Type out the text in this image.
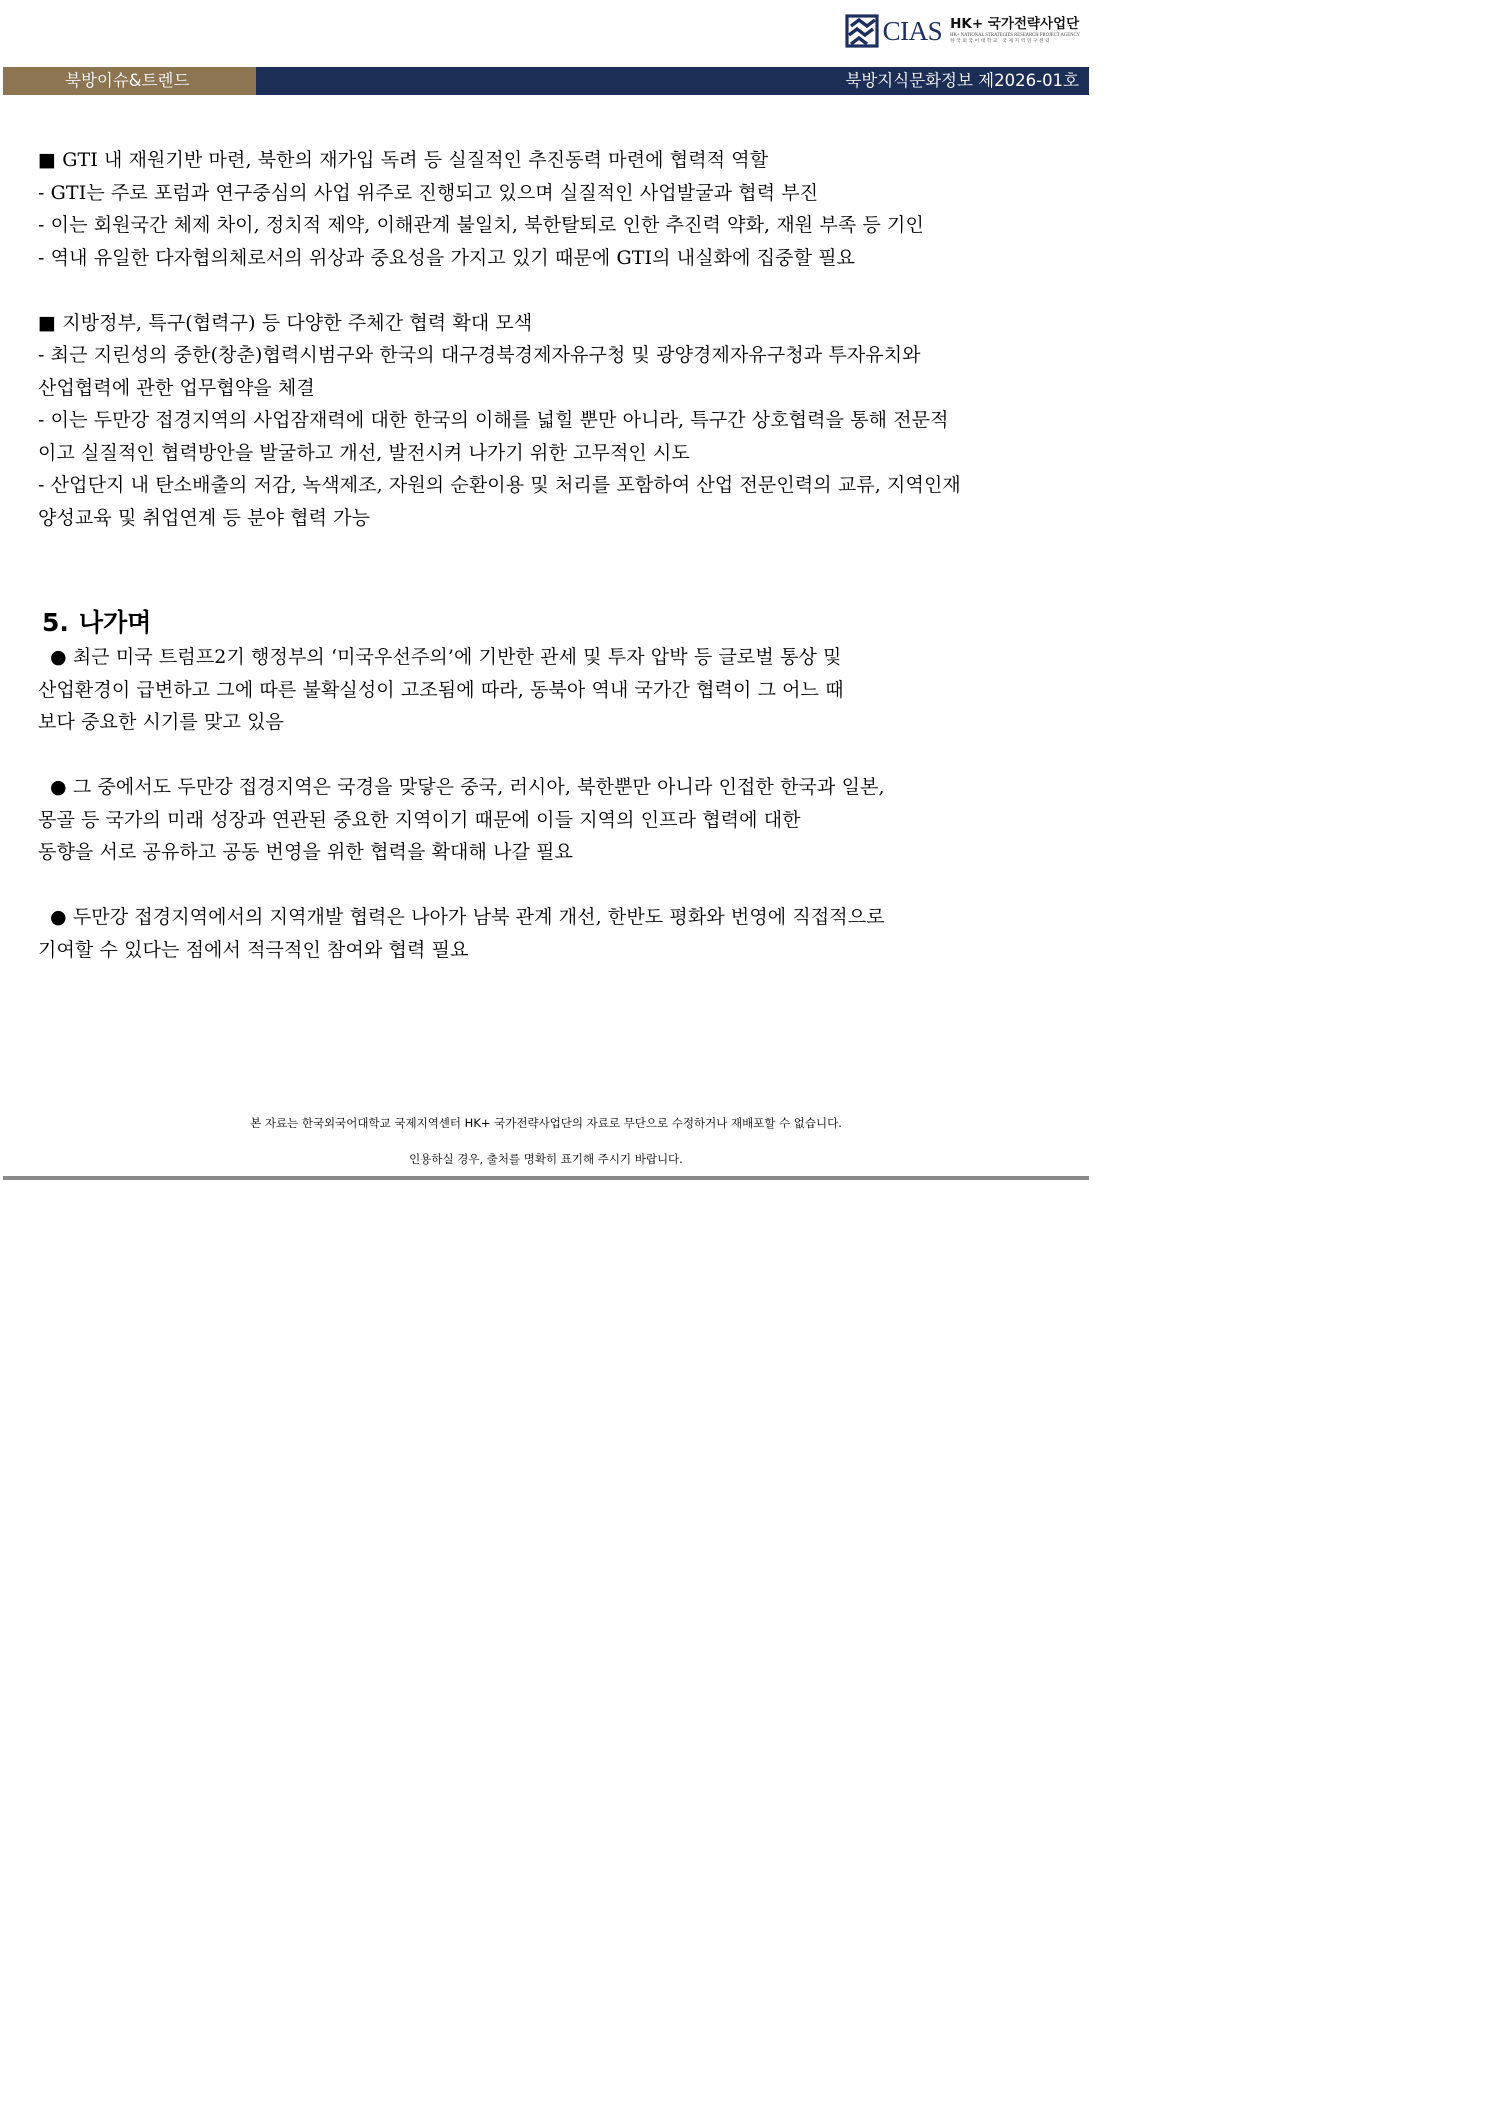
CIAS HK+ 국가전략사업단
HK+ NATIONAL STRATEGIES RESEARCH PROJECT AGENCY
한국외국어대학교 국제지역연구센터
북방이슈&트렌드	북방지식문화정보 제2026-01호
■ GTI 내 재원기반 마련, 북한의 재가입 독려 등 실질적인 추진동력 마련에 협력적 역할
- GTI는 주로 포럼과 연구중심의 사업 위주로 진행되고 있으며 실질적인 사업발굴과 협력 부진
- 이는 회원국간 체제 차이, 정치적 제약, 이해관계 불일치, 북한탈퇴로 인한 추진력 약화, 재원 부족 등 기인
- 역내 유일한 다자협의체로서의 위상과 중요성을 가지고 있기 때문에 GTI의 내실화에 집중할 필요
■ 지방정부, 특구(협력구) 등 다양한 주체간 협력 확대 모색
- 최근 지린성의 중한(창춘)협력시범구와 한국의 대구경북경제자유구청 및 광양경제자유구청과 투자유치와
산업협력에 관한 업무협약을 체결
- 이는 두만강 접경지역의 사업잠재력에 대한 한국의 이해를 넓힐 뿐만 아니라, 특구간 상호협력을 통해 전문적
이고 실질적인 협력방안을 발굴하고 개선, 발전시켜 나가기 위한 고무적인 시도
- 산업단지 내 탄소배출의 저감, 녹색제조, 자원의 순환이용 및 처리를 포함하여 산업 전문인력의 교류, 지역인재
양성교육 및 취업연계 등 분야 협력 가능
5. 나가며
● 최근 미국 트럼프2기 행정부의 ‘미국우선주의’에 기반한 관세 및 투자 압박 등 글로벌 통상 및
산업환경이 급변하고 그에 따른 불확실성이 고조됨에 따라, 동북아 역내 국가간 협력이 그 어느 때
보다 중요한 시기를 맞고 있음
● 그 중에서도 두만강 접경지역은 국경을 맞닿은 중국, 러시아, 북한뿐만 아니라 인접한 한국과 일본,
몽골 등 국가의 미래 성장과 연관된 중요한 지역이기 때문에 이들 지역의 인프라 협력에 대한
동향을 서로 공유하고 공동 번영을 위한 협력을 확대해 나갈 필요
● 두만강 접경지역에서의 지역개발 협력은 나아가 남북 관계 개선, 한반도 평화와 번영에 직접적으로
기여할 수 있다는 점에서 적극적인 참여와 협력 필요
본 자료는 한국외국어대학교 국제지역센터 HK+ 국가전략사업단의 자료로 무단으로 수정하거나 재배포할 수 없습니다.
인용하실 경우, 출처를 명확히 표기해 주시기 바랍니다.
